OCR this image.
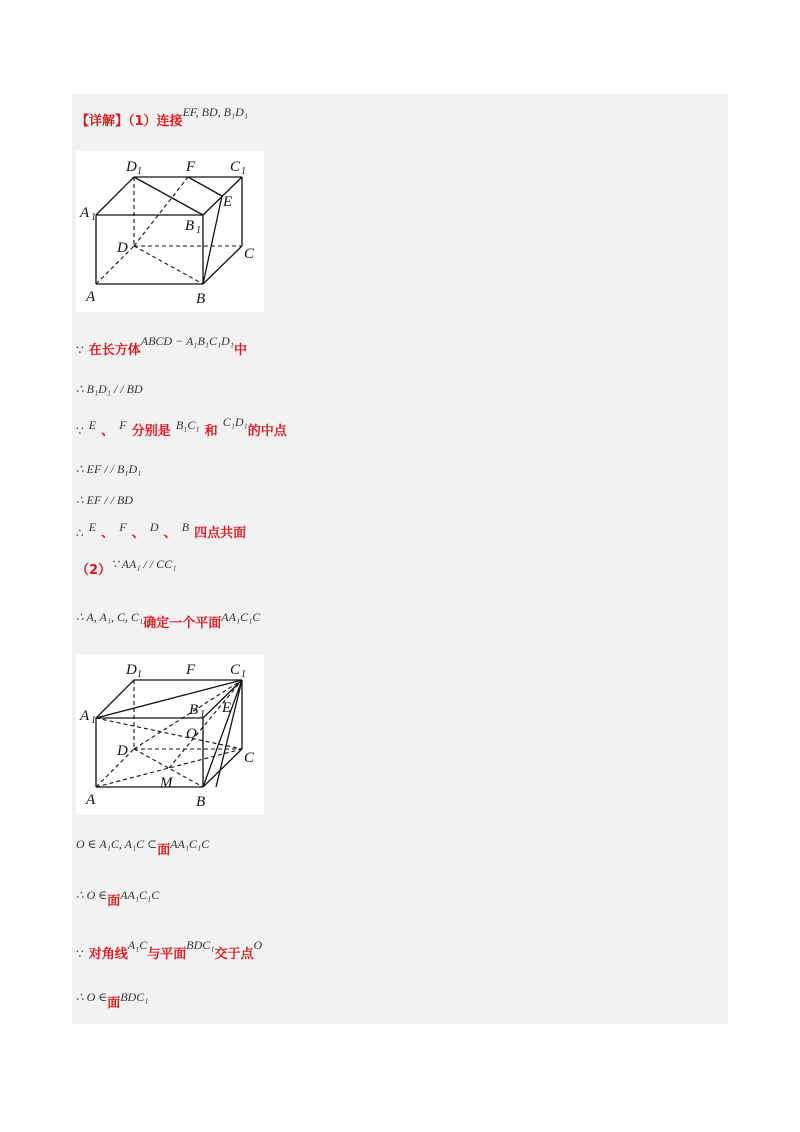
【详解】（1）连接$^{EF, BD, B_1D_1}$
D 1	F C 1
A 1
E
B 1
D	C
A	B
∵ 在长方体$^{ABCD - A_1B_1C_1D_1}$中
∴ B₁D₁ / / BD
∵ $^E$ 、 $^F$ 分别是 $^{B_1C_1}$ 和 $^{C_1D_1}$的中点
∴ EF / / B₁D₁
∴ EF / / BD
∴ $^E$ 、 $^F$ 、 $^D$ 、 $^B$ 四点共面
$_{(2)}$∵ AA₁ / / CC₁
∴ A, A₁, C, $C_1_{确定一个平面}AA_1C_1C$
D 1	F C 1
A 1
B 1 E
O
D	C
M
A	B
O ∈ A₁C, A₁C $\subset_面AA_1C_1C$
∴ O $\in_面AA_1C_1C$
∵ 对角线$^{A_1C}$与平面$^{BDC_1}$交于点$^O$
∴ O $\in_面BDC_1$
